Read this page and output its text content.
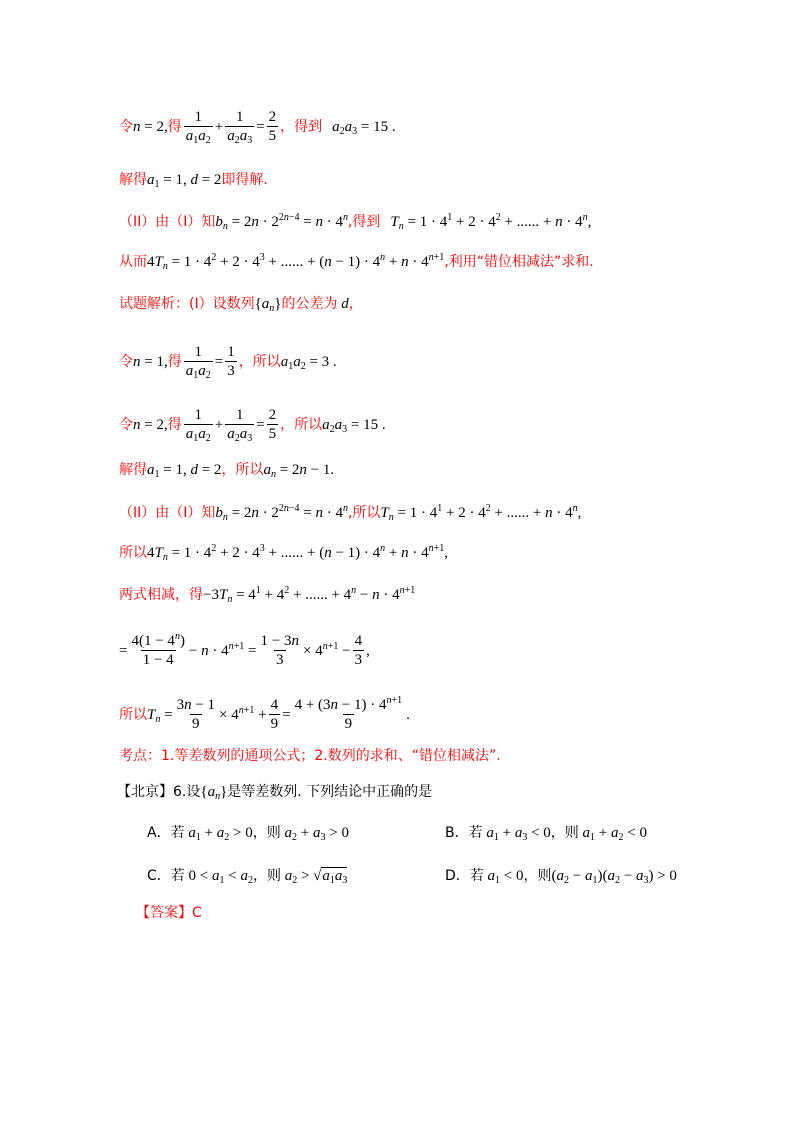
令 n = 2, 得 $\frac{1}{a_1a_2} + \frac{1}{a_2a_3} = \frac{2}{5}$ ，得到 $a_2a_3 = 15$ .
解得 $a_1 = 1$, d = 2 即得解.
（II）由（I）知 $b_n = 2n \cdot 2^{2n-4} = n \cdot 4^n$ ,得到 $T_n = 1 \cdot 4^1 + 2 \cdot 4^2$ + ...... + $n \cdot 4^n$,
从而 $4T_n = 1 \cdot 4^2 + 2 \cdot 4^3$ + ...... + $(n - 1) \cdot 4^n + n \cdot 4^{n+1}$ ,利用“错位相减法”求和.
试题解析：(I）设数列 $\{a_n\}$ 的公差为 d ，
令 n = 1, 得 $\frac{1}{a_1a_2} = \frac{1}{3}$ ，所以 $a_1a_2 = 3$ .
令 n = 2, 得 $\frac{1}{a_1a_2} + \frac{1}{a_2a_3} = \frac{2}{5}$ ，所以 $a_2a_3 = 15$ .
解得 $a_1 = 1$, d = 2 ，所以 $a_n = 2n - 1$.
（II）由（I）知 $b_n = 2n \cdot 2^{2n-4} = n \cdot 4^n$ ,所以 $T_n = 1 \cdot 4^1 + 2 \cdot 4^2$ + ...... + $n \cdot 4^n$,
所以 $4T_n = 1 \cdot 4^2 + 2 \cdot 4^3$ + ...... + $(n - 1) \cdot 4^n + n \cdot 4^{n+1}$,
两式相减，得 $-3T_n = 4^1 + 4^2$ + ...... + $4^n - n \cdot 4^{n+1}$
= $\frac{4(1 - 4^n)}{1 - 4} - n \cdot 4^{n+1} = \frac{1 - 3n}{3} \times 4^{n+1} - \frac{4}{3}$ ,
所以 $T_n = \frac{3n - 1}{9} \times 4^{n+1} + \frac{4}{9} = \frac{4 + (3n - 1) \cdot 4^{n+1}}{9}$ .
考点：1.等差数列的通项公式；2.数列的求和、“错位相减法”.
【北京】 6. 设 $\{a_n\}$ 是等差数列. 下列结论中正确的是
A．若 $a_1 + a_2 > 0$ ，则 $a_2 + a_3 > 0$	B．若 $a_1 + a_3 < 0$ ，则 $a_1 + a_2 < 0$
C．若 $0 < a_1 < a_2$ ，则 $a_2 > √a_1a_3$	D．若 $a_1 < 0$ ，则 $(a_2 - a_1)(a_2 - a_3) > 0$
【答案】 C
